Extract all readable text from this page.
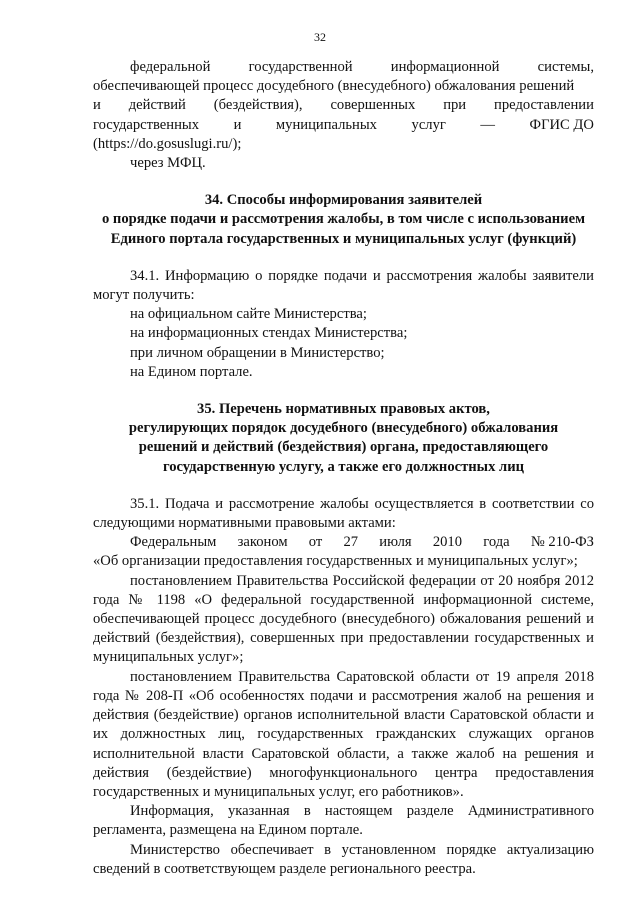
32
федеральной	государственной	информационной	системы,

обеспечивающей процесс досудебного (внесудебного) обжалования решений

и действий (бездействия), совершенных при предоставлении
государственных и муниципальных услуг — ФГИС ДО

(https://do.gosuslugi.ru/);

через МФЦ.

34. Способы информирования заявителей
о порядке подачи и рассмотрения жалобы, в том числе с использованием
Единого портала государственных и муниципальных услуг (функций)

34.1. Информацию о порядке подачи и рассмотрения жалобы заявители могут получить:

на официальном сайте Министерства;

на информационных стендах Министерства;

при личном обращении в Министерство;

на Едином портале.

35. Перечень нормативных правовых актов,
регулирующих порядок досудебного (внесудебного) обжалования
решений и действий (бездействия) органа, предоставляющего
государственную услугу, а также его должностных лиц

35.1. Подача и рассмотрение жалобы осуществляется в соответствии со следующими нормативными правовыми актами:

Федеральным законом от 27 июля 2010 года № 210-ФЗ

«Об организации предоставления государственных и муниципальных услуг»;

постановлением Правительства Российской федерации от 20 ноября 2012 года № 1198 «О федеральной государственной информационной системе, обеспечивающей процесс досудебного (внесудебного) обжалования решений и действий (бездействия), совершенных при предоставлении государственных и муниципальных услуг»;

постановлением Правительства Саратовской области от 19 апреля 2018 года № 208-П «Об особенностях подачи и рассмотрения жалоб на решения и действия (бездействие) органов исполнительной власти Саратовской области и их должностных лиц, государственных гражданских служащих органов исполнительной власти Саратовской области, а также жалоб на решения и действия (бездействие) многофункционального центра предоставления государственных и муниципальных услуг, его работников».

Информация, указанная в настоящем разделе Административного регламента, размещена на Едином портале.

Министерство обеспечивает в установленном порядке актуализацию сведений в соответствующем разделе регионального реестра.
